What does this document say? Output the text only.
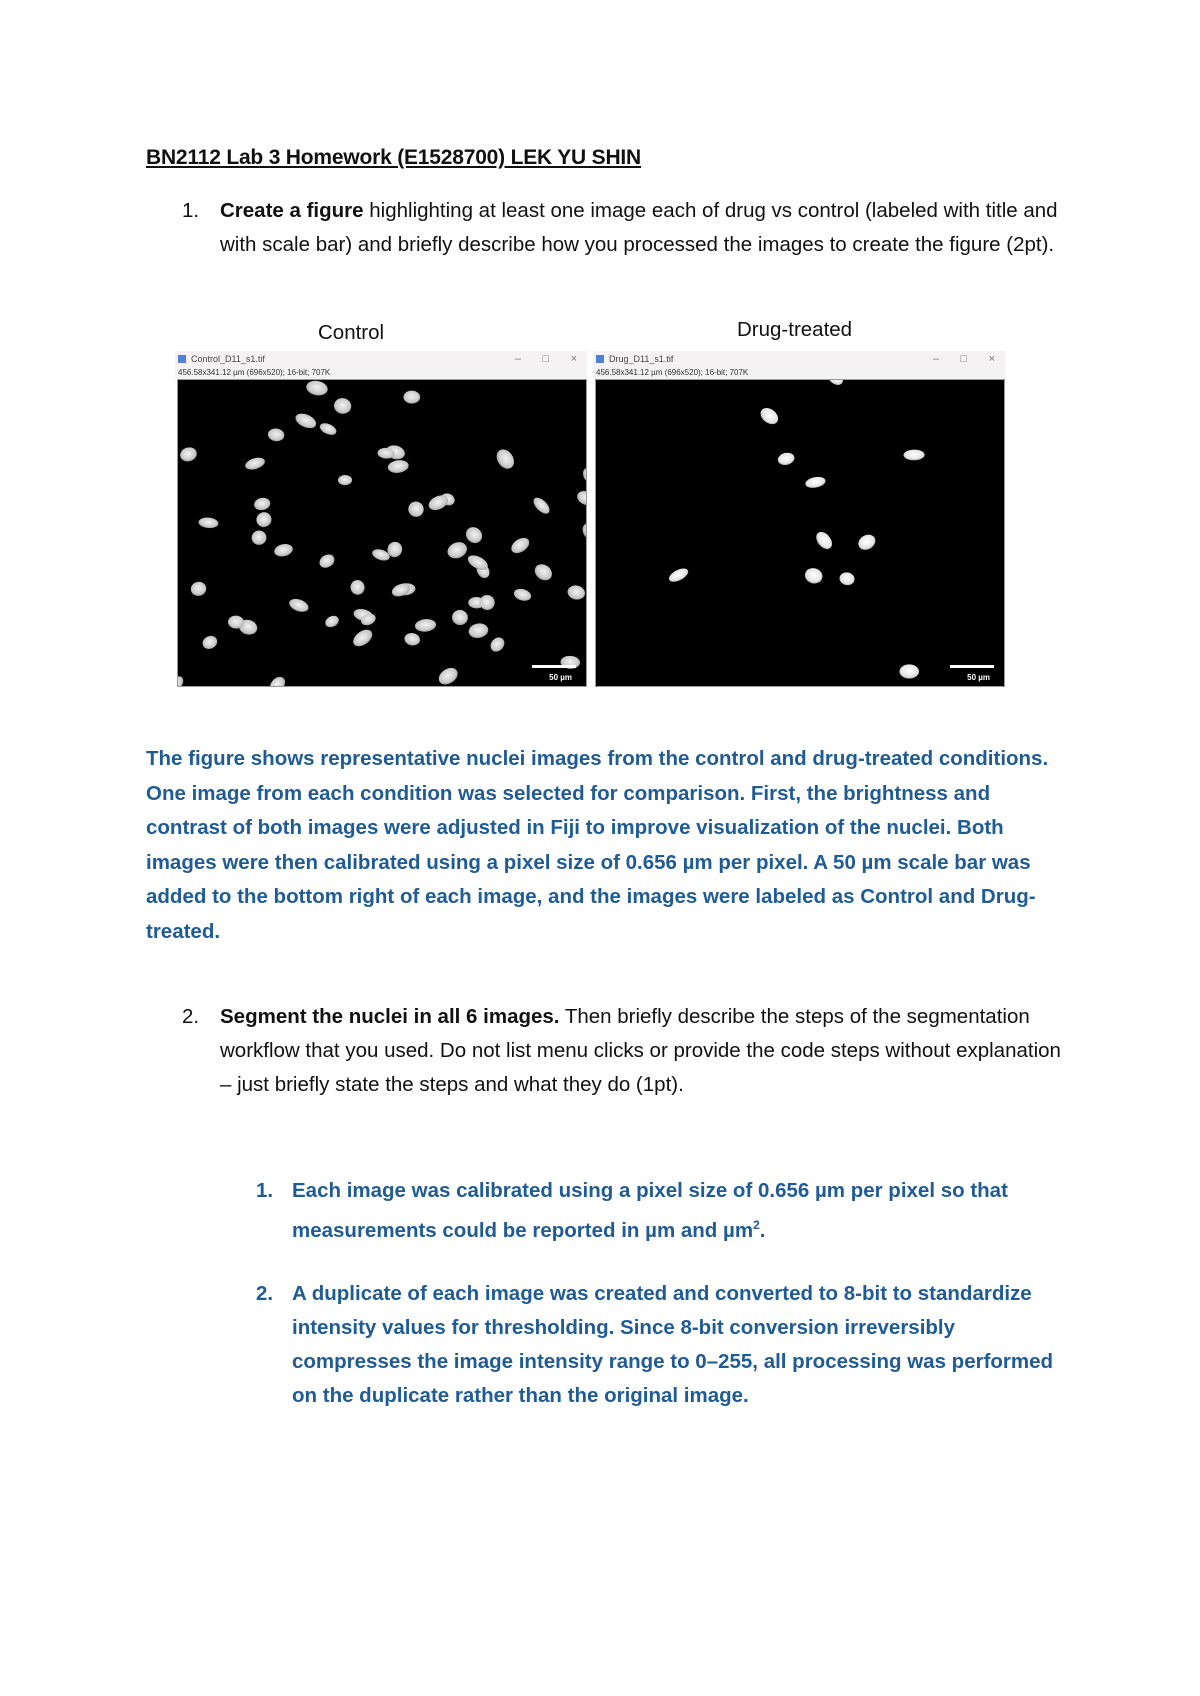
BN2112 Lab 3 Homework (E1528700) LEK YU SHIN
1. Create a figure highlighting at least one image each of drug vs control (labeled with title and with scale bar) and briefly describe how you processed the images to create the figure (2pt).
Control	Drug-treated
Control_D11_s1.tif	– □ ×
456.58x341.12 µm (696x520); 16-bit; 707K
50 µm
Drug_D11_s1.tif	– □ ×
456.58x341.12 µm (696x520); 16-bit; 707K
50 µm
The figure shows representative nuclei images from the control and drug-treated conditions. One image from each condition was selected for comparison. First, the brightness and contrast of both images were adjusted in Fiji to improve visualization of the nuclei. Both images were then calibrated using a pixel size of 0.656 µm per pixel. A 50 µm scale bar was added to the bottom right of each image, and the images were labeled as Control and Drug-treated.
2. Segment the nuclei in all 6 images. Then briefly describe the steps of the segmentation workflow that you used. Do not list menu clicks or provide the code steps without explanation – just briefly state the steps and what they do (1pt).
1. Each image was calibrated using a pixel size of 0.656 µm per pixel so that measurements could be reported in µm and µm$^2$.
2. A duplicate of each image was created and converted to 8-bit to standardize intensity values for thresholding. Since 8-bit conversion irreversibly compresses the image intensity range to 0–255, all processing was performed on the duplicate rather than the original image.
